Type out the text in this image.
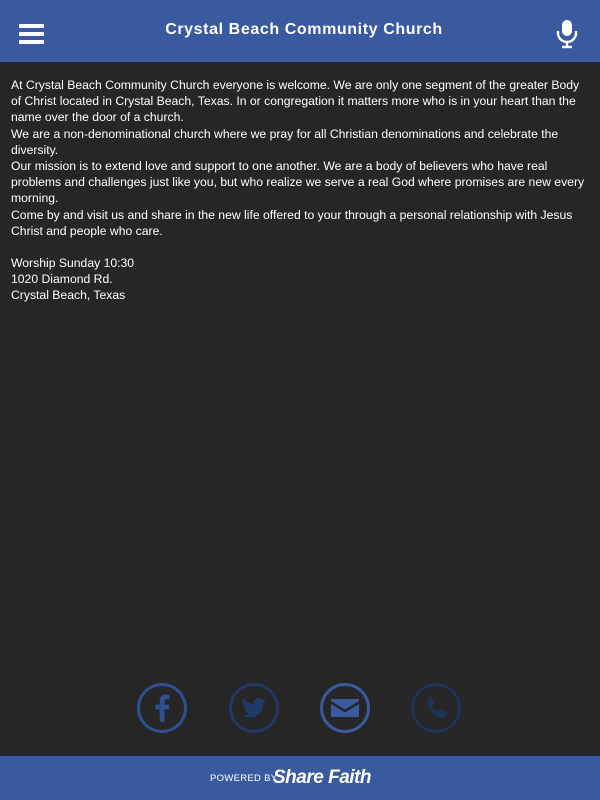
Crystal Beach Community Church

At Crystal Beach Community Church everyone is welcome. We are only one segment of the greater Body of Christ located in Crystal Beach, Texas. In or congregation it matters more who is in your heart than the name over the door of a church.

We are a non-denominational church where we pray for all Christian denominations and celebrate the diversity.

Our mission is to extend love and support to one another. We are a body of believers who have real problems and challenges just like you, but who realize we serve a real God where promises are new every morning.

Come by and visit us and share in the new life offered to your through a personal relationship with Jesus Christ and people who care.

Worship Sunday 10:30

1020 Diamond Rd.

Crystal Beach, Texas

POWERED BY
Share Faith
